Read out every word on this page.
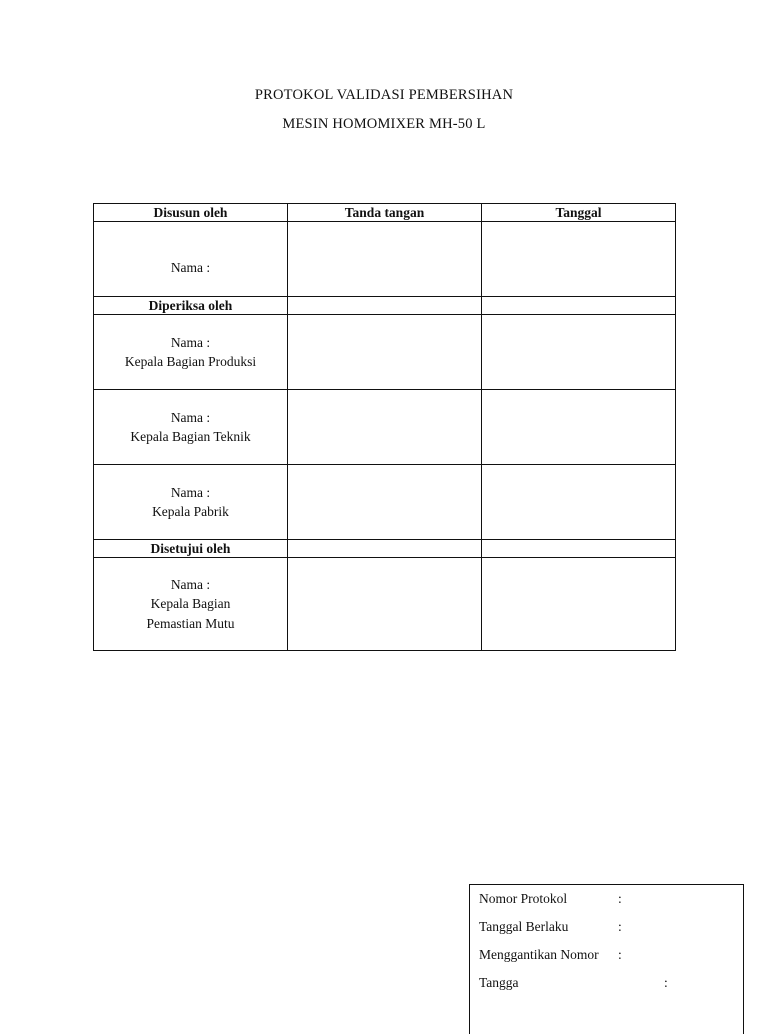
PROTOKOL VALIDASI PEMBERSIHAN
MESIN HOMOMIXER MH-50 L
Disusun oleh	Tanda tangan	Tanggal

Nama :		

Diperiksa oleh		

Nama :
Kepala Bagian Produksi		

Nama :
Kepala Bagian Teknik		

Nama :
Kepala Pabrik		

Disetujui oleh		

Nama :
Kepala Bagian
Pemastian Mutu		

Nomor Protokol	:
Tanggal Berlaku	:
Menggantikan Nomor :
Tangga	:
